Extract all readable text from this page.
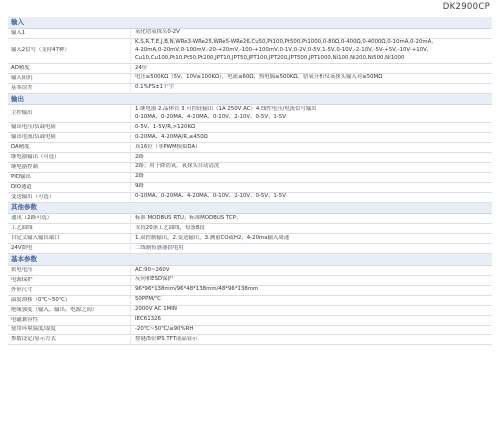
DK2900CP
输入
输入1	氧化锆氧探头0-2V
输入2信号（支持47种）
K,S,R,T,E,J,B,N,WRe3-WRe25,WRe5-WRe26,Cu50,Pt100,Pt500,Pt1000,0-80Ω,0-400Ω,0-4000Ω,0-10mA,0-20mA,
4-20mA,0-20mV,0-100mV,-20-+20mV,-100-+100mV,0-1V,0-2V,0-5V,1-5V,0-10V,-2-10V,-5V-+5V,-10V-+10V,
Cu10,Cu100,Pt10,Pt50,Pt200,JPT10,JPT50,JPT100,JPT200,JPT500,JPT1000,Ni100,Ni200,Ni500,Ni1000
AD精度	24位
输入阻抗	电压≥500KΩ（5V、10V≥100KΩ），电流≤60Ω，热电偶≥500KΩ，锆氧分析仪氧探头输入对≥50MΩ
基本误差	0.1%FS±1个字
输出
主控输出
1.继电器 2.晶体管 3.可控硅输出（1A 250V AC）4.线性电压/电流信号输出
0-10MA、0-20MA、4-20MA、0-10V、2-10V、0-5V、1-5V
输出电压/负载电阻	0-5V、1-5V/R,>120KΩ
输出电流/负载电阻	0-20MA、4-20MA/R,≤450Ω
DA精度	真16位（非PWM模拟DA）
继电器输出（可选）	2路
继电器控制	2路；用于降锆氧，氧探头自动清洗
PID输出	2路
DIO通道	9路
变送输出（可选）	0-10MA、0-20MA、4-20MA、0-10V、2-10V、0-5V、1-5V
其他参数
通讯（2路可选）	标准 MODBUS RTU；标准MODBUS TCP；
工艺曲线	支持20条工艺曲线，每条8段
自定义输入输出端口	1.双控制输出，2.变送输出，3.测量CO或H2，4-20ma输入周速
24V馈电	二线制传感器供电用
基本参数
供电电压	AC:90~260V
电源保护	反向和ESD保护
外形尺寸	96*96*138mm/96*48*138mm/48*96*138mm
温度漂移（0℃~50℃）	50PPM/℃
绝缘强度（输入、输出、电源之间）	2000V AC 1MIN
电磁兼容性	IEC61326
使用环境温度/湿度	-20℃~50℃/≤90%RH
参数设定/显示方式	按键/5位IPS TFT液晶显示
